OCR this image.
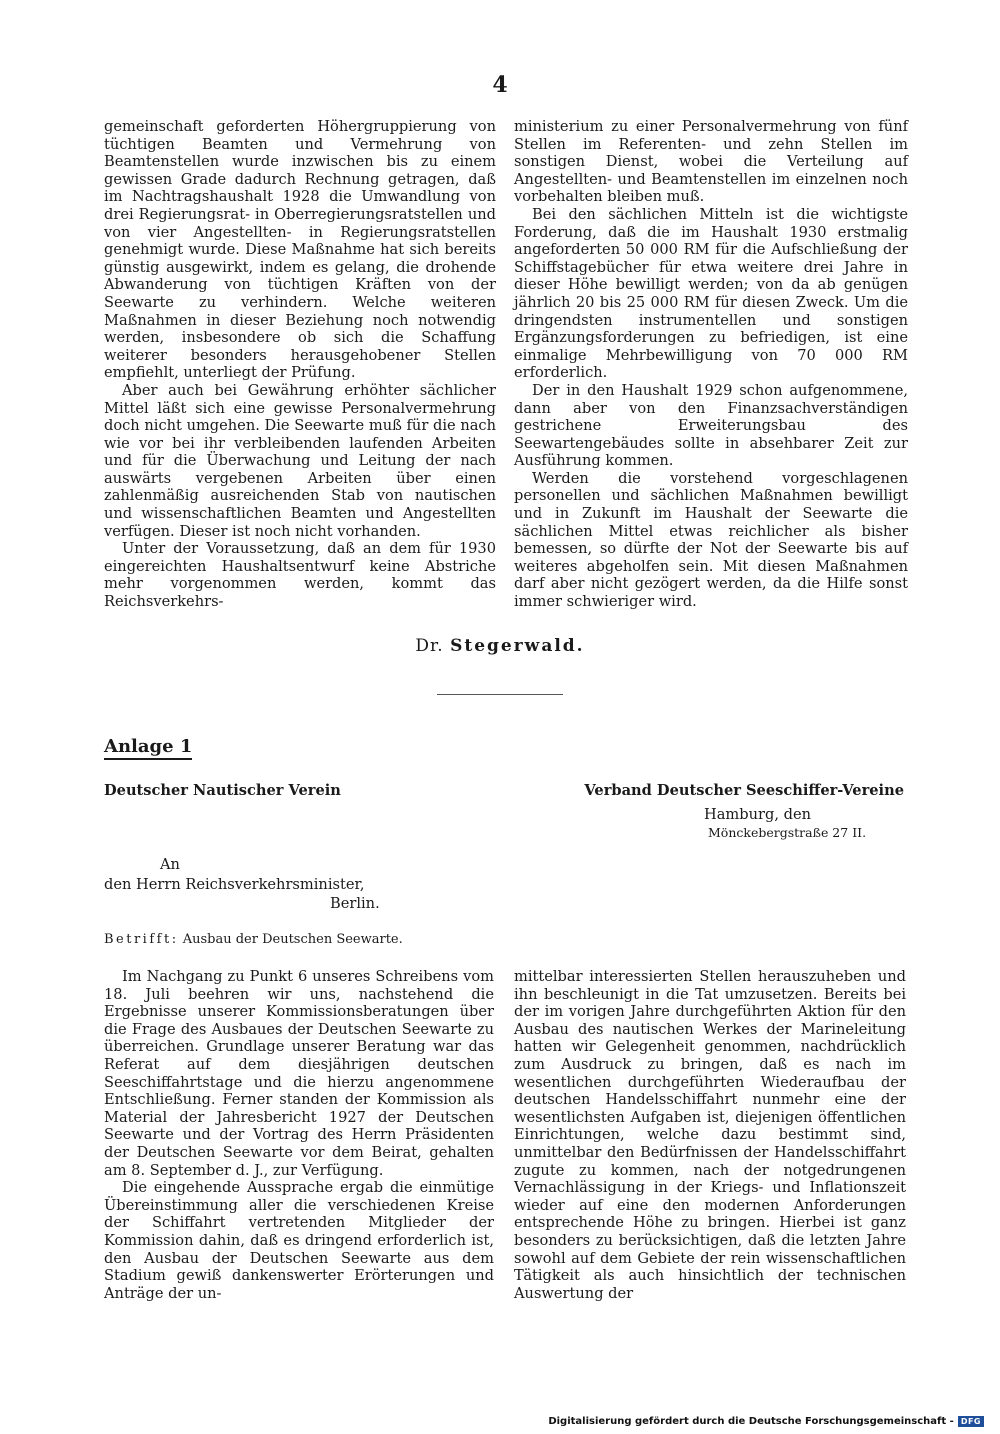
4

gemeinschaft geforderten Höhergruppierung von tüchtigen Beamten und Vermehrung von Beamtenstellen wurde inzwischen bis zu einem gewissen Grade dadurch Rechnung getragen, daß im Nachtragshaushalt 1928 die Umwandlung von drei Regierungsrat- in Oberregierungsratstellen und von vier Angestellten- in Regierungsratstellen genehmigt wurde. Diese Maßnahme hat sich bereits günstig ausgewirkt, indem es gelang, die drohende Abwanderung von tüchtigen Kräften von der Seewarte zu verhindern. Welche weiteren Maßnahmen in dieser Beziehung noch notwendig werden, insbesondere ob sich die Schaffung weiterer besonders herausgehobener Stellen empfiehlt, unterliegt der Prüfung.

Aber auch bei Gewährung erhöhter sächlicher Mittel läßt sich eine gewisse Personalvermehrung doch nicht umgehen. Die Seewarte muß für die nach wie vor bei ihr verbleibenden laufenden Arbeiten und für die Überwachung und Leitung der nach auswärts vergebenen Arbeiten über einen zahlenmäßig ausreichenden Stab von nautischen und wissenschaftlichen Beamten und Angestellten verfügen. Dieser ist noch nicht vorhanden.

Unter der Voraussetzung, daß an dem für 1930 eingereichten Haushaltsentwurf keine Abstriche mehr vorgenommen werden, kommt das Reichsverkehrs-

ministerium zu einer Personalvermehrung von fünf Stellen im Referenten- und zehn Stellen im sonstigen Dienst, wobei die Verteilung auf Angestellten- und Beamtenstellen im einzelnen noch vorbehalten bleiben muß.

Bei den sächlichen Mitteln ist die wichtigste Forderung, daß die im Haushalt 1930 erstmalig angeforderten 50 000 RM für die Aufschließung der Schiffstagebücher für etwa weitere drei Jahre in dieser Höhe bewilligt werden; von da ab genügen jährlich 20 bis 25 000 RM für diesen Zweck. Um die dringendsten instrumentellen und sonstigen Ergänzungsforderungen zu befriedigen, ist eine einmalige Mehrbewilligung von 70 000 RM erforderlich.

Der in den Haushalt 1929 schon aufgenommene, dann aber von den Finanzsachverständigen gestrichene Erweiterungsbau des Seewartengebäudes sollte in absehbarer Zeit zur Ausführung kommen.

Werden die vorstehend vorgeschlagenen personellen und sächlichen Maßnahmen bewilligt und in Zukunft im Haushalt der Seewarte die sächlichen Mittel etwas reichlicher als bisher bemessen, so dürfte der Not der Seewarte bis auf weiteres abgeholfen sein. Mit diesen Maßnahmen darf aber nicht gezögert werden, da die Hilfe sonst immer schwieriger wird.

Dr. Stegerwald.
Anlage 1
Deutscher Nautischer Verein	Verband Deutscher Seeschiffer-Vereine
Hamburg, den
Mönckebergstraße 27 II.
An
den Herrn Reichsverkehrsminister,
Berlin.
Betrifft: Ausbau der Deutschen Seewarte.

Im Nachgang zu Punkt 6 unseres Schreibens vom 18. Juli beehren wir uns, nachstehend die Ergebnisse unserer Kommissionsberatungen über die Frage des Ausbaues der Deutschen Seewarte zu überreichen. Grundlage unserer Beratung war das Referat auf dem diesjährigen deutschen Seeschiffahrtstage und die hierzu angenommene Entschließung. Ferner standen der Kommission als Material der Jahresbericht 1927 der Deutschen Seewarte und der Vortrag des Herrn Präsidenten der Deutschen Seewarte vor dem Beirat, gehalten am 8. September d. J., zur Verfügung.

Die eingehende Aussprache ergab die einmütige Übereinstimmung aller die verschiedenen Kreise der Schiffahrt vertretenden Mitglieder der Kommission dahin, daß es dringend erforderlich ist, den Ausbau der Deutschen Seewarte aus dem Stadium gewiß dankenswerter Erörterungen und Anträge der un-

mittelbar interessierten Stellen herauszuheben und ihn beschleunigt in die Tat umzusetzen. Bereits bei der im vorigen Jahre durchgeführten Aktion für den Ausbau des nautischen Werkes der Marineleitung hatten wir Gelegenheit genommen, nachdrücklich zum Ausdruck zu bringen, daß es nach im wesentlichen durchgeführten Wiederaufbau der deutschen Handelsschiffahrt nunmehr eine der wesentlichsten Aufgaben ist, diejenigen öffentlichen Einrichtungen, welche dazu bestimmt sind, unmittelbar den Bedürfnissen der Handelsschiffahrt zugute zu kommen, nach der notgedrungenen Vernachlässigung in der Kriegs- und Inflationszeit wieder auf eine den modernen Anforderungen entsprechende Höhe zu bringen. Hierbei ist ganz besonders zu berücksichtigen, daß die letzten Jahre sowohl auf dem Gebiete der rein wissenschaftlichen Tätigkeit als auch hinsichtlich der technischen Auswertung der

Digitalisierung gefördert durch die Deutsche Forschungsgemeinschaft - DFG
